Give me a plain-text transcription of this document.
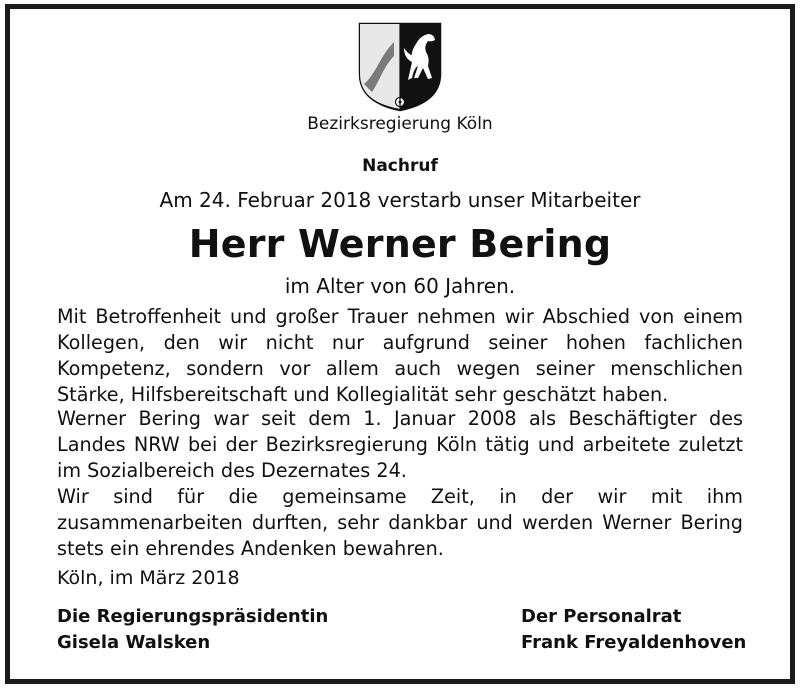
Bezirksregierung Köln
Nachruf
Am 24. Februar 2018 verstarb unser Mitarbeiter
Herr Werner Bering
im Alter von 60 Jahren.
Mit Betroffenheit und großer Trauer nehmen wir Abschied von einem Kollegen, den wir nicht nur aufgrund seiner hohen fachlichen Kompetenz, sondern vor allem auch wegen seiner menschlichen Stärke, Hilfsbereitschaft und Kollegialität sehr geschätzt haben.
Werner Bering war seit dem 1. Januar 2008 als Beschäftigter des Landes NRW bei der Bezirksregierung Köln tätig und arbeitete zuletzt im Sozialbereich des Dezernates 24.
Wir sind für die gemeinsame Zeit, in der wir mit ihm zusammenarbeiten durften, sehr dankbar und werden Werner Bering stets ein ehrendes Andenken bewahren.
Köln, im März 2018
Die Regierungspräsidentin
Gisela Walsken
Der Personalrat
Frank Freyaldenhoven
